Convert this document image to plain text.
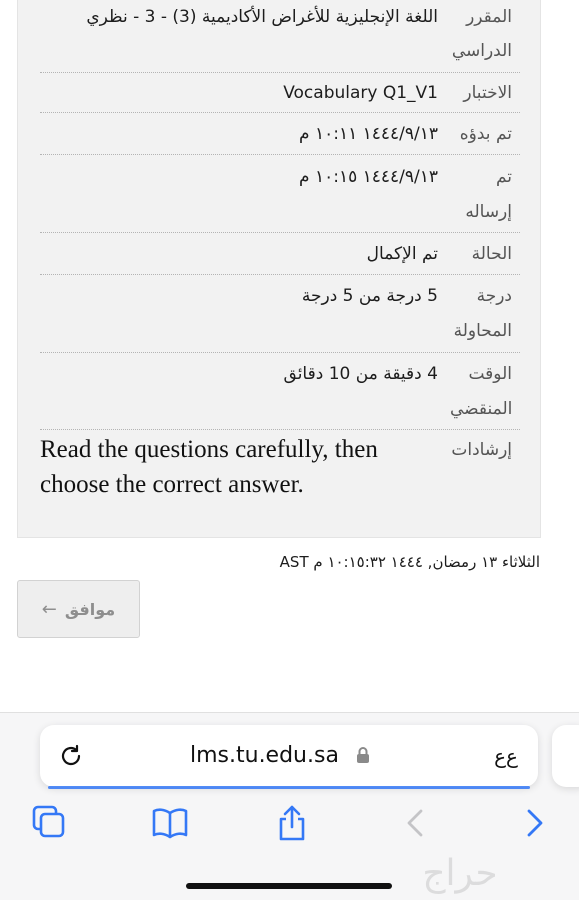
المقرر
الدراسي
اللغة الإنجليزية للأغراض الأكاديمية (3) - 3 - نظري
الاختبار
Vocabulary Q1_V1
تم بدؤه
١٤٤٤/٩/١٣ ١٠:١١ م
تم
إرساله
١٤٤٤/٩/١٣ ١٠:١٥ م
الحالة
تم الإكمال
درجة
المحاولة
5 درجة من 5 درجة
الوقت
المنقضي
4 دقيقة من 10 دقائق
إرشادات
Read the questions carefully, then
choose the correct answer.
الثلاثاء ١٣ رمضان, ١٤٤٤ ١٠:١٥:٣٢ م AST
← موافق
lms.tu.edu.sa	ﻉﻉ
حراج
